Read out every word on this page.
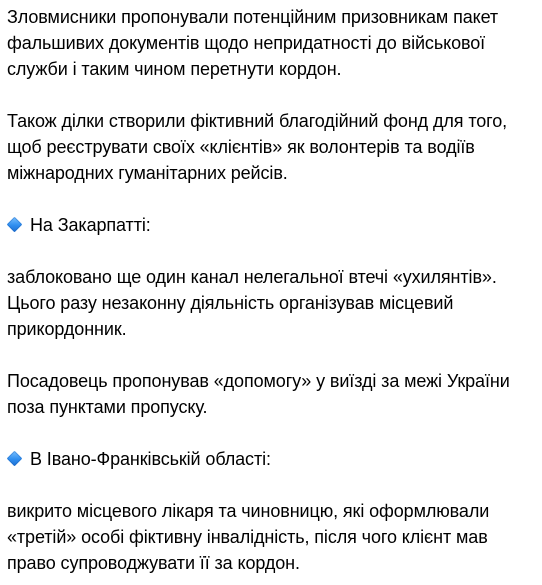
Зловмисники пропонували потенційним призовникам пакет
фальшивих документів щодо непридатності до військової
служби і таким чином перетнути кордон.

Також ділки створили фіктивний благодійний фонд для того,
щоб реєструвати своїх «клієнтів» як волонтерів та водіїв
міжнародних гуманітарних рейсів.

На Закарпатті:

заблоковано ще один канал нелегальної втечі «ухилянтів».
Цього разу незаконну діяльність організував місцевий
прикордонник.

Посадовець пропонував «допомогу» у виїзді за межі України
поза пунктами пропуску.

В Івано-Франківській області:

викрито місцевого лікаря та чиновницю, які оформлювали
«третій» особі фіктивну інвалідність, після чого клієнт мав
право супроводжувати її за кордон.
